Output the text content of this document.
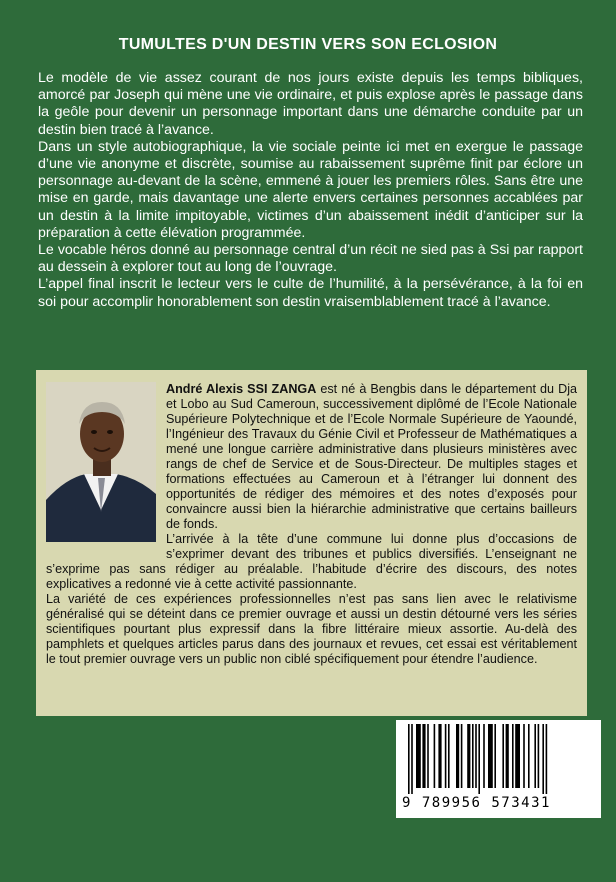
TUMULTES D'UN DESTIN VERS SON ECLOSION

Le modèle de vie assez courant de nos jours existe depuis les temps bibliques, amorcé par Joseph qui mène une vie ordinaire, et puis explose après le passage dans la geôle pour devenir un personnage important dans une démarche conduite par un destin bien tracé à l’avance.

Dans un style autobiographique, la vie sociale peinte ici met en exergue le passage d’une vie anonyme et discrète, soumise au rabaissement suprême finit par éclore un personnage au-devant de la scène, emmené à jouer les premiers rôles. Sans être une mise en garde, mais davantage une alerte envers certaines personnes accablées par un destin à la limite impitoyable, victimes d’un abaissement inédit d’anticiper sur la préparation à cette élévation programmée.

Le vocable héros donné au personnage central d’un récit ne sied pas à Ssi par rapport au dessein à explorer tout au long de l’ouvrage.

L’appel final inscrit le lecteur vers le culte de l’humilité, à la persévérance, à la foi en soi pour accomplir honorablement son destin vraisemblablement tracé à l’avance.

André Alexis SSI ZANGA est né à Bengbis dans le département du Dja et Lobo au Sud Cameroun, successivement diplômé de l’Ecole Nationale Supérieure Polytechnique et de l’Ecole Normale Supérieure de Yaoundé, l’Ingénieur des Travaux du Génie Civil et Professeur de Mathématiques a mené une longue carrière administrative dans plusieurs ministères avec rangs de chef de Service et de Sous-Directeur. De multiples stages et formations effectuées au Cameroun et à l’étranger lui donnent des opportunités de rédiger des mémoires et des notes d’exposés pour convaincre aussi bien la hiérarchie administrative que certains bailleurs de fonds.

L’arrivée à la tête d’une commune lui donne plus d’occasions de s’exprimer devant des tribunes et publics diversifiés. L’enseignant ne s’exprime pas sans rédiger au préalable. l’habitude d’écrire des discours, des notes explicatives a redonné vie à cette activité passionnante.

La variété de ces expériences professionnelles n’est pas sans lien avec le relativisme généralisé qui se déteint dans ce premier ouvrage et aussi un destin détourné vers les séries scientifiques pourtant plus expressif dans la fibre littéraire mieux assortie. Au-delà des pamphlets et quelques articles parus dans des journaux et revues, cet essai est véritablement le tout premier ouvrage vers un public non ciblé spécifiquement pour étendre l’audience.

9 789956 573431
